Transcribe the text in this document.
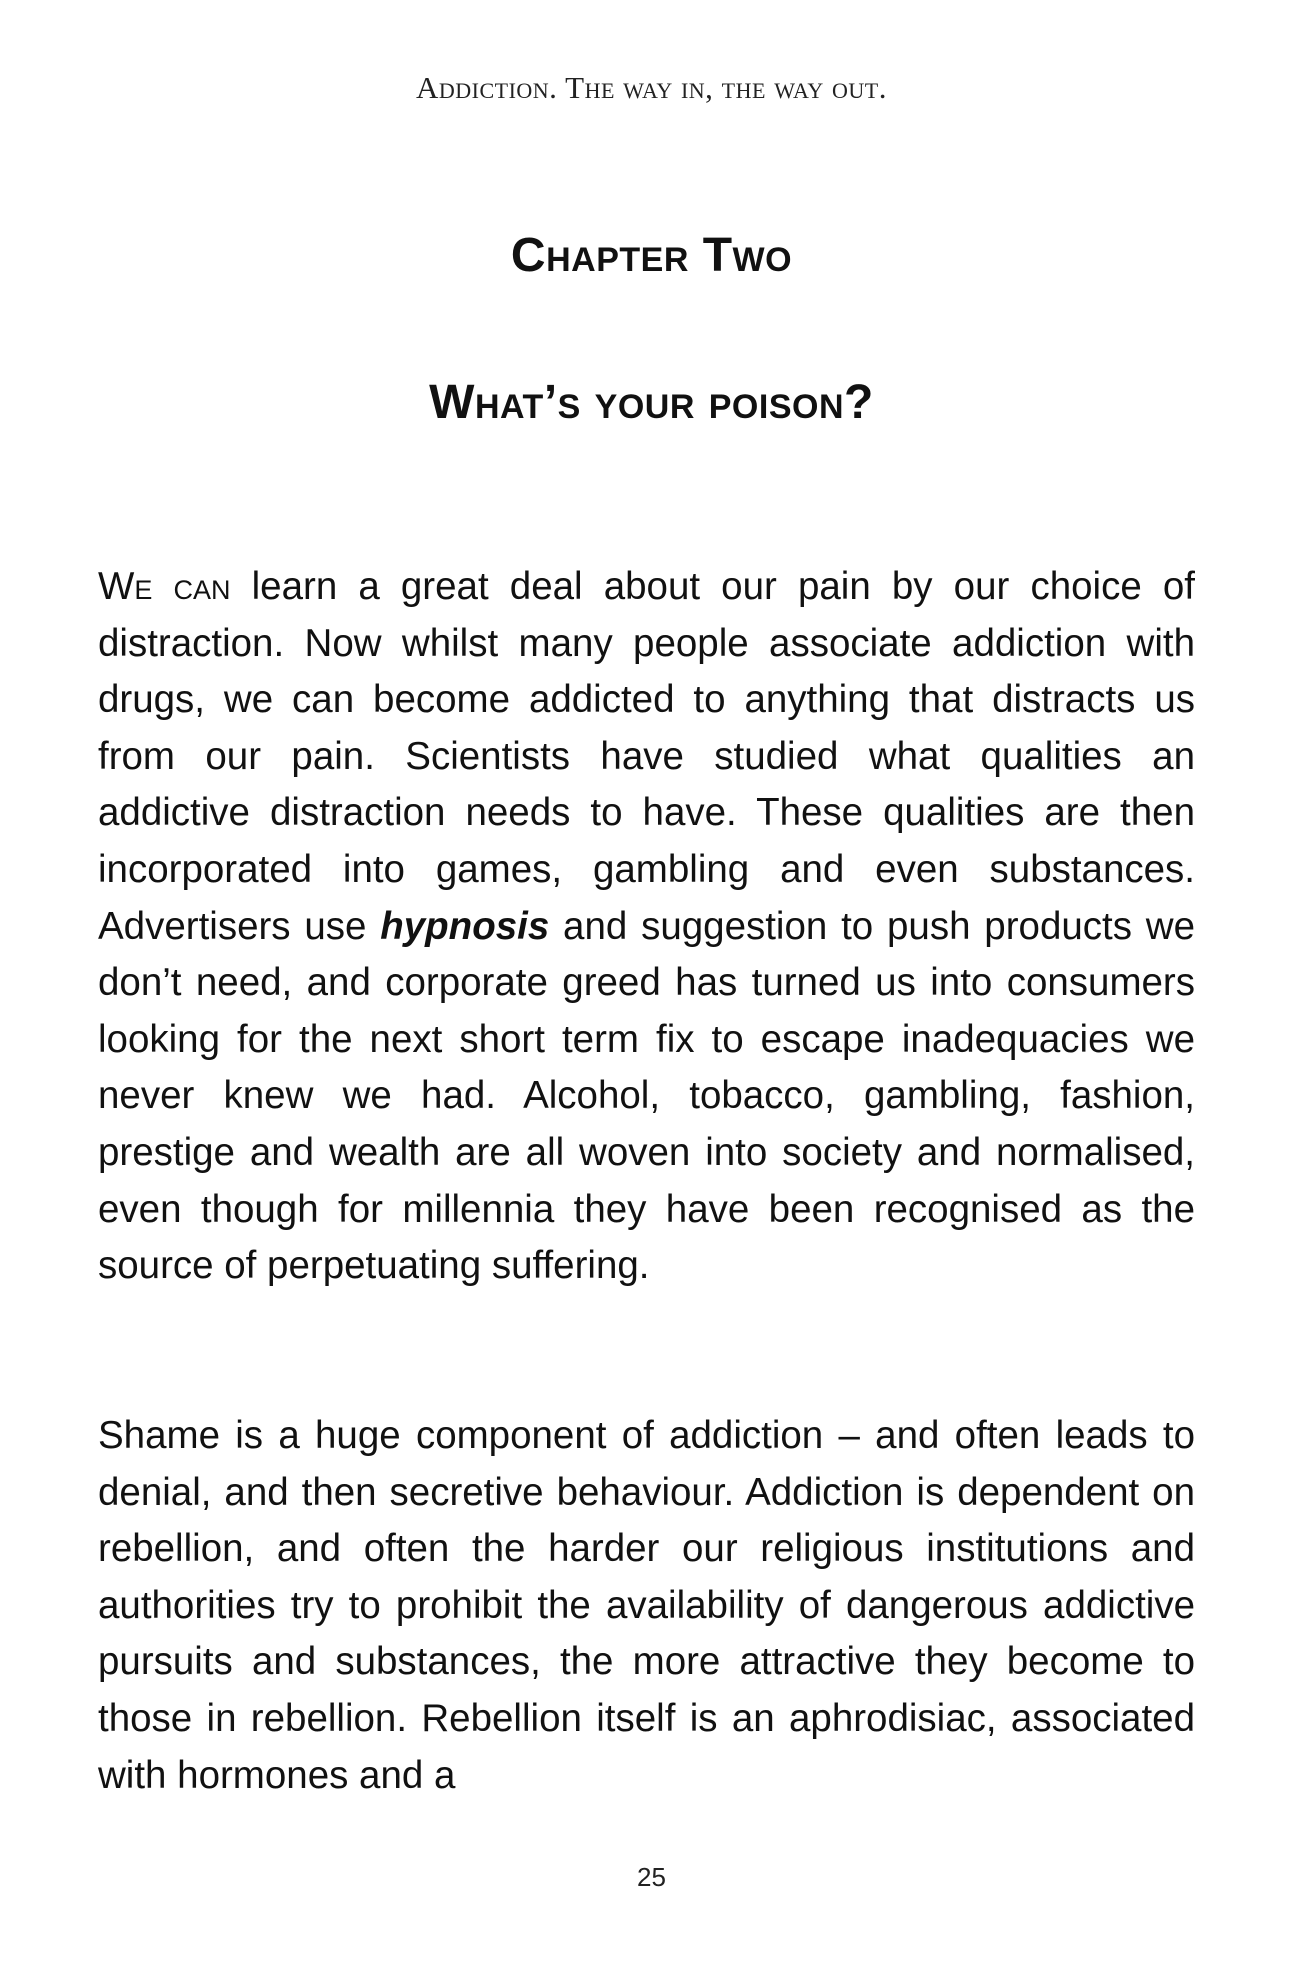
Addiction. The way in, the way out.
Chapter Two
What’s your poison?

We can learn a great deal about our pain by our choice of distraction. Now whilst many people associate addiction with drugs, we can become addicted to anything that distracts us from our pain. Scientists have studied what qualities an addictive distraction needs to have. These qualities are then incorporated into games, gambling and even substances. Advertisers use hypnosis and suggestion to push products we don’t need, and corporate greed has turned us into consumers looking for the next short term fix to escape inadequacies we never knew we had. Alcohol, tobacco, gambling, fashion, prestige and wealth are all woven into society and normalised, even though for millennia they have been recognised as the source of perpetuating suffering.

Shame is a huge component of addiction – and often leads to denial, and then secretive behaviour. Addiction is dependent on rebellion, and often the harder our religious institutions and authorities try to prohibit the availability of dangerous addictive pursuits and substances, the more attractive they become to those in rebellion. Rebellion itself is an aphrodisiac, associated with hormones and a

25
